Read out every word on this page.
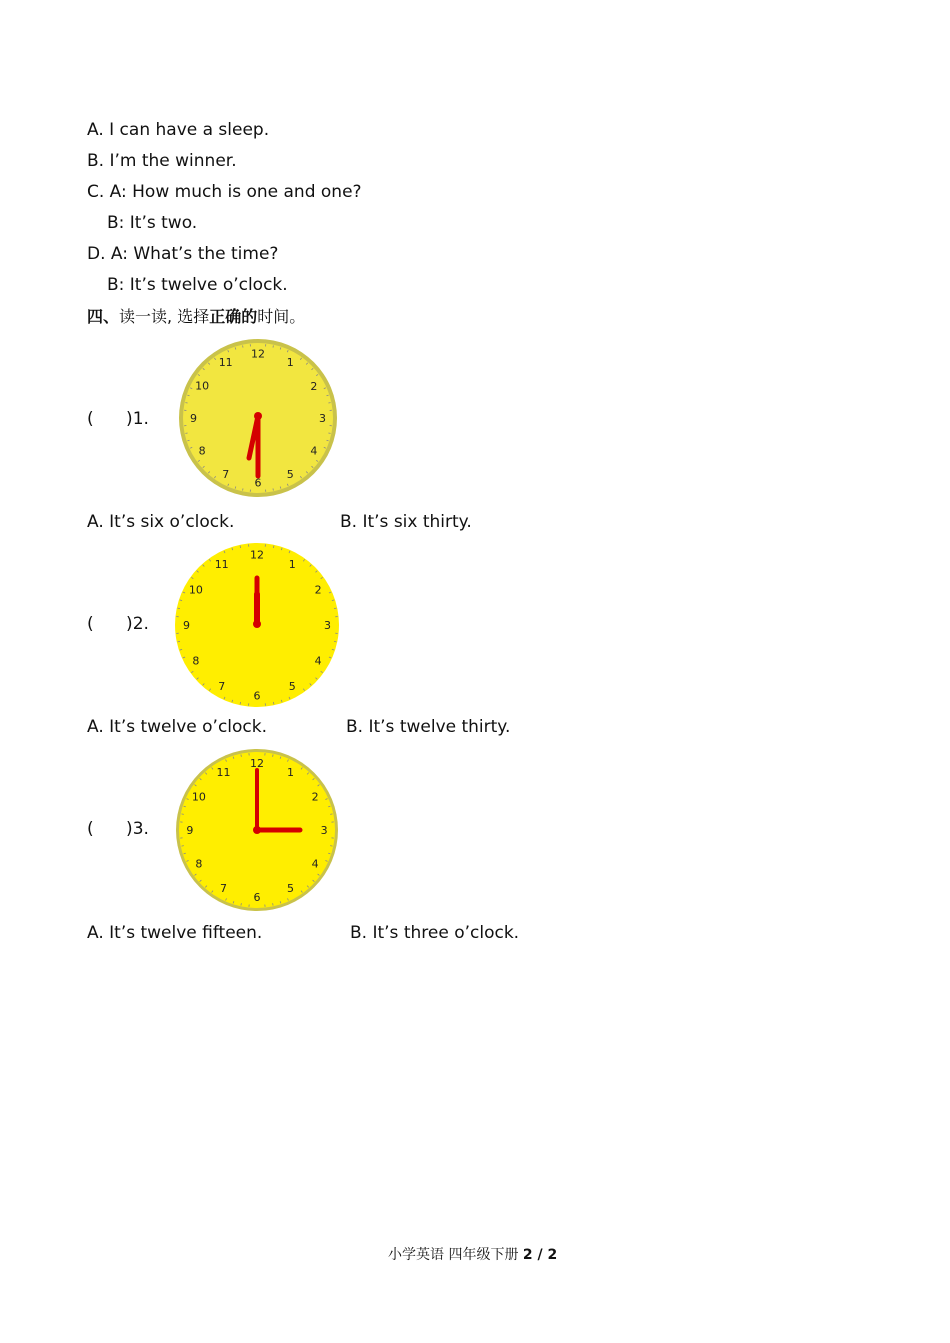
A. I can have a sleep.
B. I’m the winner.
C. A: How much is one and one?
B: It’s two.
D. A: What’s the time?
B: It’s twelve o’clock.
四、读一读, 选择正确的时间。
(      )1.
12
1
2
3
4
5
6
7
8
9
10
11
A. It’s six o’clock.	B. It’s six thirty.
(      )2.
12
1
2
3
4
5
6
7
8
9
10
11
A. It’s twelve o’clock.	B. It’s twelve thirty.
(      )3.
12
1
2
3
4
5
6
7
8
9
10
11
A. It’s twelve fifteen.	B. It’s three o’clock.
小学英语 四年级下册 2 / 2
